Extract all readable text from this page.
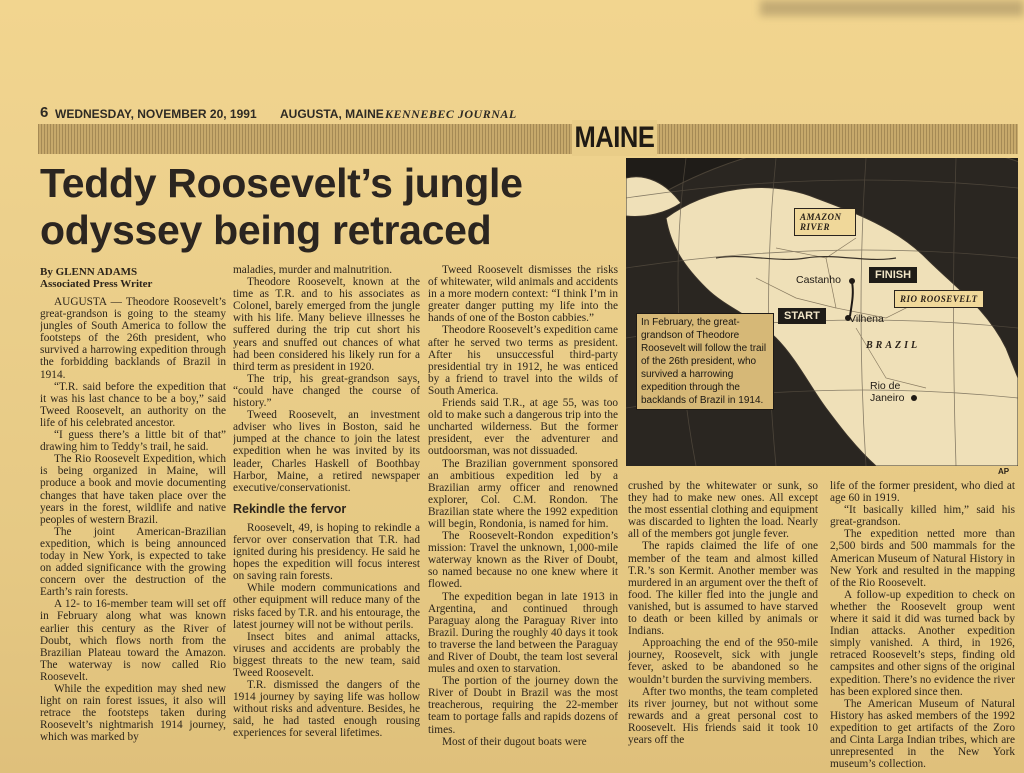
6 WEDNESDAY, NOVEMBER 20, 1991 AUGUSTA, MAINE KENNEBEC JOURNAL
MAINE
Teddy Roosevelt’s jungle odyssey being retraced
By GLENN ADAMS
Associated Press Writer

AUGUSTA — Theodore Roosevelt’s great-grandson is going to the steamy jungles of South America to follow the footsteps of the 26th president, who survived a harrowing expedition through the forbidding backlands of Brazil in 1914.

“T.R. said before the expedition that it was his last chance to be a boy,” said Tweed Roosevelt, an authority on the life of his celebrated ancestor.

“I guess there’s a little bit of that” drawing him to Teddy’s trail, he said.

The Rio Roosevelt Expedition, which is being organized in Maine, will produce a book and movie documenting changes that have taken place over the years in the forest, wildlife and native peoples of western Brazil.

The joint American-Brazilian expedition, which is being announced today in New York, is expected to take on added significance with the growing concern over the destruction of the Earth’s rain forests.

A 12- to 16-member team will set off in February along what was known earlier this century as the River of Doubt, which flows north from the Brazilian Plateau toward the Amazon. The waterway is now called Rio Roosevelt.

While the expedition may shed new light on rain forest issues, it also will retrace the footsteps taken during Roosevelt’s nightmarish 1914 journey, which was marked by

maladies, murder and malnutrition.

Theodore Roosevelt, known at the time as T.R. and to his associates as Colonel, barely emerged from the jungle with his life. Many believe illnesses he suffered during the trip cut short his years and snuffed out chances of what had been considered his likely run for a third term as president in 1920.

The trip, his great-grandson says, “could have changed the course of history.”

Tweed Roosevelt, an investment adviser who lives in Boston, said he jumped at the chance to join the latest expedition when he was invited by its leader, Charles Haskell of Boothbay Harbor, Maine, a retired newspaper executive/conservationist.

Rekindle the fervor

Roosevelt, 49, is hoping to rekindle a fervor over conservation that T.R. had ignited during his presidency. He said he hopes the expedition will focus interest on saving rain forests.

While modern communications and other equipment will reduce many of the risks faced by T.R. and his entourage, the latest journey will not be without perils.

Insect bites and animal attacks, viruses and accidents are probably the biggest threats to the new team, said Tweed Roosevelt.

T.R. dismissed the dangers of the 1914 journey by saying life was hollow without risks and adventure. Besides, he said, he had tasted enough rousing experiences for several lifetimes.

Tweed Roosevelt dismisses the risks of whitewater, wild animals and accidents in a more modern context: “I think I’m in greater danger putting my life into the hands of one of the Boston cabbies.”

Theodore Roosevelt’s expedition came after he served two terms as president. After his unsuccessful third-party presidential try in 1912, he was enticed by a friend to travel into the wilds of South America.

Friends said T.R., at age 55, was too old to make such a dangerous trip into the uncharted wilderness. But the former president, ever the adventurer and outdoorsman, was not dissuaded.

The Brazilian government sponsored an ambitious expedition led by a Brazilian army officer and renowned explorer, Col. C.M. Rondon. The Brazilian state where the 1992 expedition will begin, Rondonia, is named for him.

The Roosevelt-Rondon expedition’s mission: Travel the unknown, 1,000-mile waterway known as the River of Doubt, so named because no one knew where it flowed.

The expedition began in late 1913 in Argentina, and continued through Paraguay along the Paraguay River into Brazil. During the roughly 40 days it took to traverse the land between the Paraguay and River of Doubt, the team lost several mules and oxen to starvation.

The portion of the journey down the River of Doubt in Brazil was the most treacherous, requiring the 22-member team to portage falls and rapids dozens of times.

Most of their dugout boats were

AMAZON RIVER
Castanho	FINISH
START	Vilhena
RIO ROOSEVELT
BRAZIL
Rio de Janeiro
In February, the great-grandson of Theodore Roosevelt will follow the trail of the 26th president, who survived a harrowing expedition through the backlands of Brazil in 1914.
AP

crushed by the whitewater or sunk, so they had to make new ones. All except the most essential clothing and equipment was discarded to lighten the load. Nearly all of the members got jungle fever.

The rapids claimed the life of one member of the team and almost killed T.R.’s son Kermit. Another member was murdered in an argument over the theft of food. The killer fled into the jungle and vanished, but is assumed to have starved to death or been killed by animals or Indians.

Approaching the end of the 950-mile journey, Roosevelt, sick with jungle fever, asked to be abandoned so he wouldn’t burden the surviving members.

After two months, the team completed its river journey, but not without some rewards and a great personal cost to Roosevelt. His friends said it took 10 years off the

life of the former president, who died at age 60 in 1919.

“It basically killed him,” said his great-grandson.

The expedition netted more than 2,500 birds and 500 mammals for the American Museum of Natural History in New York and resulted in the mapping of the Rio Roosevelt.

A follow-up expedition to check on whether the Roosevelt group went where it said it did was turned back by Indian attacks. Another expedition simply vanished. A third, in 1926, retraced Roosevelt’s steps, finding old campsites and other signs of the original expedition. There’s no evidence the river has been explored since then.

The American Museum of Natural History has asked members of the 1992 expedition to get artifacts of the Zoro and Cinta Larga Indian tribes, which are unrepresented in the New York museum’s collection.
